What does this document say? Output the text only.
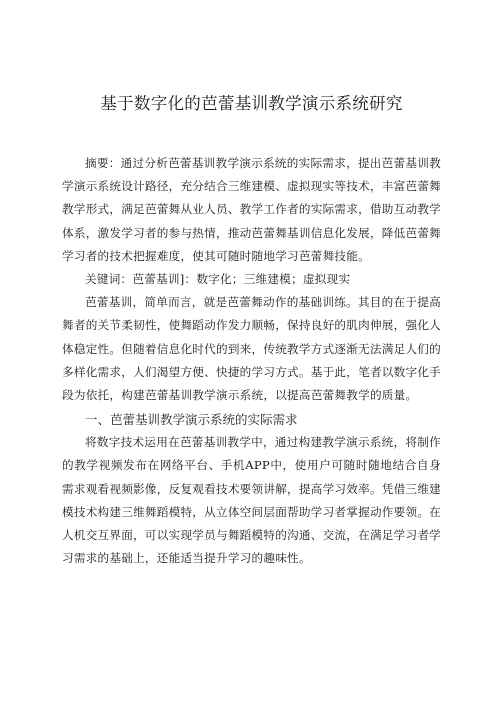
基于数字化的芭蕾基训教学演示系统研究

摘要：通过分析芭蕾基训教学演示系统的实际需求，提出芭蕾基训教学演示系统设计路径，充分结合三维建模、虚拟现实等技术，丰富芭蕾舞教学形式，满足芭蕾舞从业人员、教学工作者的实际需求，借助互动教学体系，激发学习者的参与热情，推动芭蕾舞基训信息化发展，降低芭蕾舞学习者的技术把握难度，使其可随时随地学习芭蕾舞技能。

关键词：芭蕾基训]：数字化；三维建模；虚拟现实

芭蕾基训，简单而言，就是芭蕾舞动作的基础训练。其目的在于提高舞者的关节柔韧性，使舞蹈动作发力顺畅，保持良好的肌肉伸展，强化人体稳定性。但随着信息化时代的到来，传统教学方式逐渐无法满足人们的多样化需求，人们渴望方便、快捷的学习方式。基于此，笔者以数字化手段为依托，构建芭蕾基训教学演示系统，以提高芭蕾舞教学的质量。

一、芭蕾基训教学演示系统的实际需求

将数字技术运用在芭蕾基训教学中，通过构建教学演示系统，将制作的教学视频发布在网络平台、手机APP中，使用户可随时随地结合自身需求观看视频影像，反复观看技术要领讲解，提高学习效率。凭借三维建模技术构建三维舞蹈模特，从立体空间层面帮助学习者掌握动作要领。在人机交互界面，可以实现学员与舞蹈模特的沟通、交流，在满足学习者学习需求的基础上，还能适当提升学习的趣味性。
